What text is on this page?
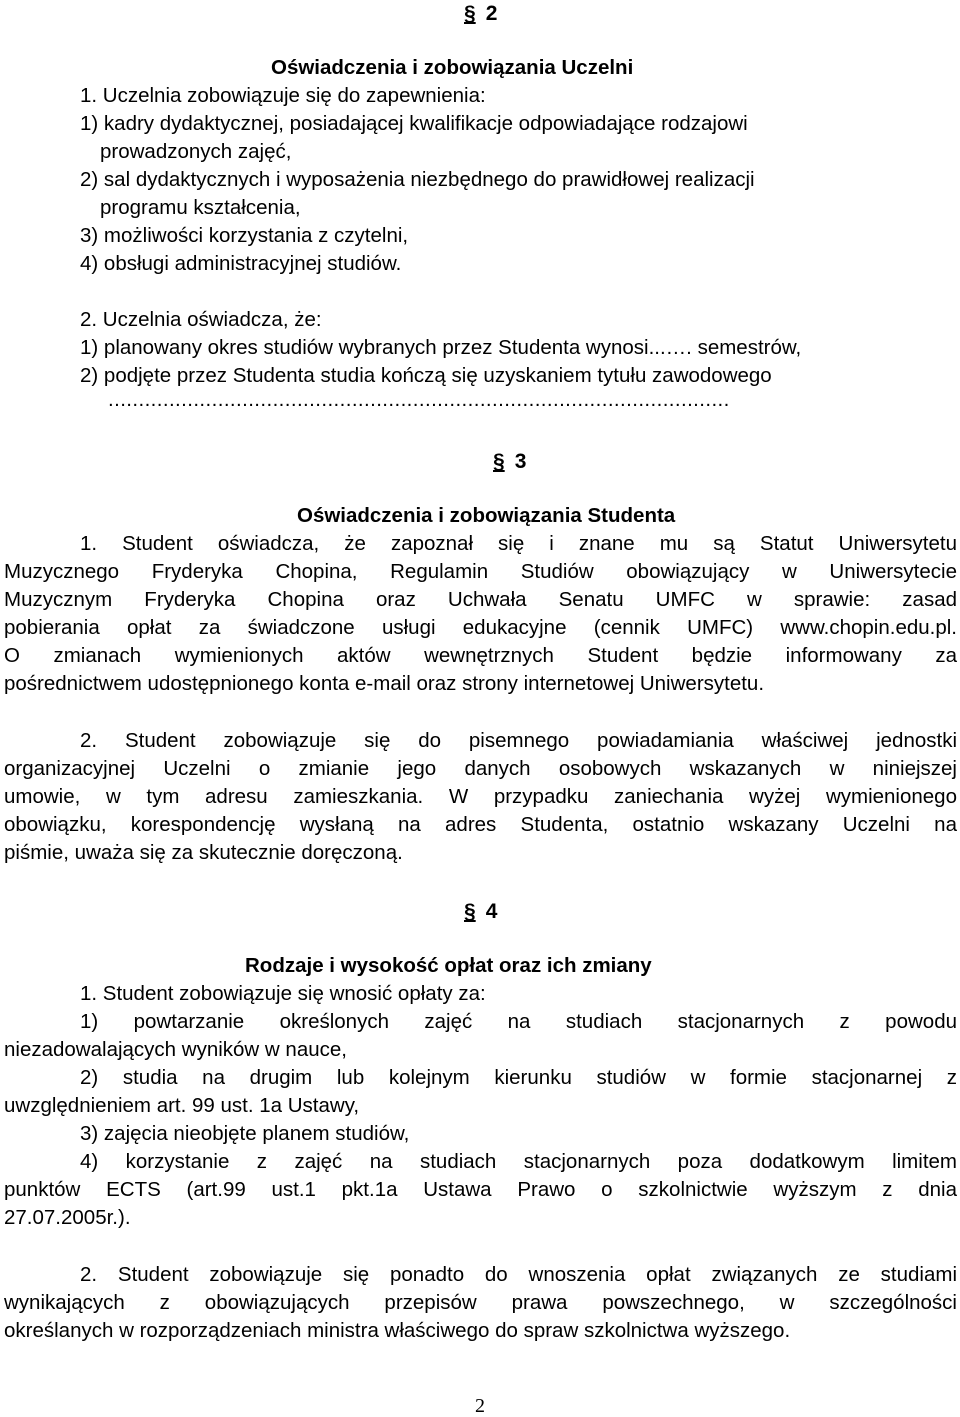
§ 2
Oświadczenia i zobowiązania Uczelni
1. Uczelnia zobowiązuje się do zapewnienia:
1) kadry dydaktycznej, posiadającej kwalifikacje odpowiadające rodzajowi
prowadzonych zajęć,
2) sal dydaktycznych i wyposażenia niezbędnego do prawidłowej realizacji
programu kształcenia,
3) możliwości korzystania z czytelni,
4) obsługi administracyjnej studiów.
2. Uczelnia oświadcza, że:
1) planowany okres studiów wybranych przez Studenta wynosi...…. semestrów,
2) podjęte przez Studenta studia kończą się uzyskaniem tytułu zawodowego
......................................................................................................
§ 3
Oświadczenia i zobowiązania Studenta
1. Student oświadcza, że zapoznał się i znane mu są Statut Uniwersytetu
Muzycznego Fryderyka Chopina, Regulamin Studiów obowiązujący w Uniwersytecie
Muzycznym Fryderyka Chopina oraz Uchwała Senatu UMFC w sprawie: zasad
pobierania opłat za świadczone usługi edukacyjne (cennik UMFC) www.chopin.edu.pl.
O zmianach wymienionych aktów wewnętrznych Student będzie informowany za
pośrednictwem udostępnionego konta e-mail oraz strony internetowej Uniwersytetu.
2. Student zobowiązuje się do pisemnego powiadamiania właściwej jednostki
organizacyjnej Uczelni o zmianie jego danych osobowych wskazanych w niniejszej
umowie, w tym adresu zamieszkania. W przypadku zaniechania wyżej wymienionego
obowiązku, korespondencję wysłaną na adres Studenta, ostatnio wskazany Uczelni na
piśmie, uważa się za skutecznie doręczoną.
§ 4
Rodzaje i wysokość opłat oraz ich zmiany
1. Student zobowiązuje się wnosić opłaty za:
1) powtarzanie określonych zajęć na studiach stacjonarnych z powodu
niezadowalających wyników w nauce,
2) studia na drugim lub kolejnym kierunku studiów w formie stacjonarnej z
uwzględnieniem art. 99 ust. 1a Ustawy,
3) zajęcia nieobjęte planem studiów,
4) korzystanie z zajęć na studiach stacjonarnych poza dodatkowym limitem
punktów ECTS (art.99 ust.1 pkt.1a Ustawa Prawo o szkolnictwie wyższym z dnia
27.07.2005r.).
2. Student zobowiązuje się ponadto do wnoszenia opłat związanych ze studiami
wynikających z obowiązujących przepisów prawa powszechnego, w szczególności
określanych w rozporządzeniach ministra właściwego do spraw szkolnictwa wyższego.
2
